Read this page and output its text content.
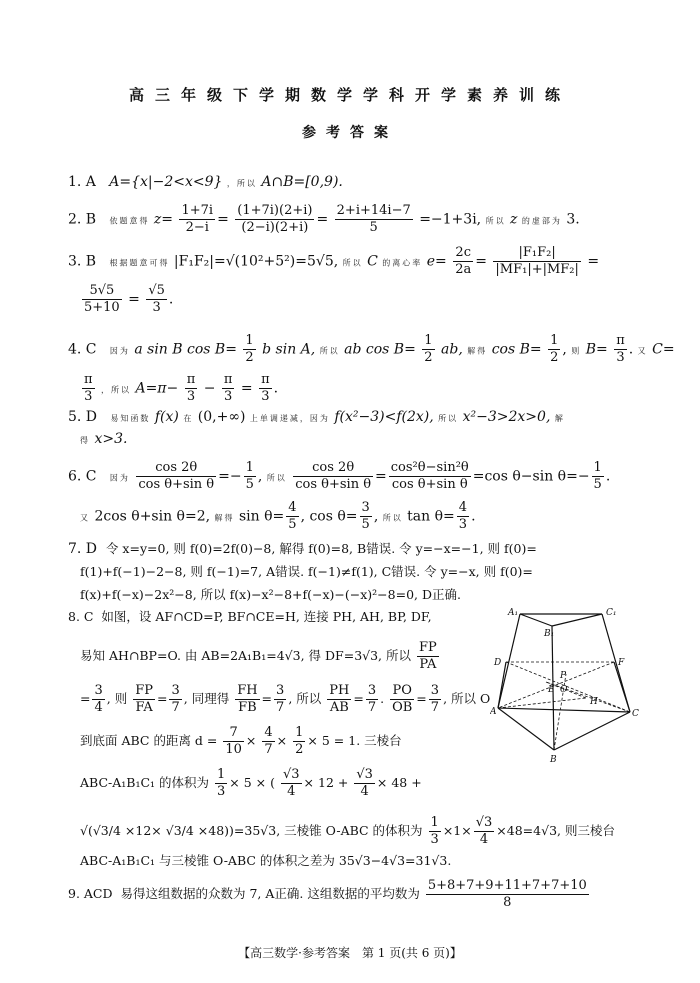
高三年级下学期数学学科开学素养训练
参考答案
1. A A={x|−2<x<9} ，所以 A∩B=[0,9).
2. B 依题意得 $z= \frac{1+7i}{2-i} = \frac{(1+7i)(2+i)}{(2-i)(2+i)} = \frac{2+i+14i-7}{5} =-1+3i$, 所以 z 的虚部为 3.
3. B 根据题意可得 |F₁F₂|=√(10²+5²)=5√5, 所以 C 的离心率 $e= \frac{2c}{2a} = \frac{\text{|F₁F₂|}}{\text{|MF₁|+|MF₂|}}$ =
$\frac{5√5}{5+10} = \frac{√5}{3}$ .
4. C 因为 a sin B $\cos B= \frac{1}{2}$ b sin A, 所以 ab $\cos B= \frac{1}{2}$ ab, 解得 $\cos B= \frac{1}{2}$ , 则 $B= \frac{\pi}{3}$ . 又 C=
$\frac{\pi}{3}$ ，所以 $A=\pi- \frac{\pi}{3} - \frac{\pi}{3} = \frac{\pi}{3}$ .
5. D 易知函数 f(x) 在 (0,+∞) 上单调递减，因为 f(x²−3)<f(2x), 所以 x²−3>2x>0, 解
得 x>3.
6. C 因为 $\frac{\cos 2\theta}{\text{cos θ+sin θ}} =- \frac{1}{5}$ , 所以 $\frac{\cos 2\theta}{\text{cos θ+sin θ}} = \frac{\text{cos²θ−sin²θ}}{\text{cos θ+sin θ}} =\cos$ θ−sin $\theta=- \frac{1}{5}$ .
又 2cos θ+sin θ=2, 解得 $\sin \theta= \frac{4}{5}$ , $\cos \theta= \frac{3}{5}$ , 所以 $\tan \theta= \frac{4}{3}$ .
7. D 令 x=y=0, 则 f(0)=2f(0)−8, 解得 f(0)=8, B错误. 令 y=−x=−1, 则 f(0)=
f(1)+f(−1)−2−8, 则 f(−1)=7, A错误. f(−1)≠f(1), C错误. 令 y=−x, 则 f(0)=
f(x)+f(−x)−2x²−8, 所以 f(x)−x²−8+f(−x)−(−x)²−8=0, D正确.
8. C 如图，设 AF∩CD=P, BF∩CE=H, 连接 PH, AH, BP, DF,
易知 AH∩BP=O. 由 AB=2A₁B₁=4√3, 得 DF=3√3, 所以 $\frac{FP}{PA}$
= $\frac{3}{4}$ , 则 $\frac{FP}{FA} = \frac{3}{7}$ , 同理得 $\frac{FH}{FB} = \frac{3}{7}$ , 所以 $\frac{PH}{AB} = \frac{3}{7}$ . $\frac{PO}{OB} = \frac{3}{7}$ , 所以 O
到底面 ABC 的距离 $d = \frac{7}{10} \times \frac{4}{7} \times \frac{1}{2} \times 5 = 1$. 三棱台
ABC-A₁B₁C₁ 的体积为 $\frac{1}{3} \times 5$ × ( $\frac{√3}{4} \times 12 + \frac{√3}{4} \times 48$ +
√(√3/4 ×12× √3/4 ×48))=35√3, 三棱锥 O-ABC 的体积为 $\frac{1}{3} \times 1\times \frac{√3}{4} \times 48=4√3$, 则三棱台
ABC-A₁B₁C₁ 与三棱锥 O-ABC 的体积之差为 35√3−4√3=31√3.
9. ACD 易得这组数据的众数为 7, A正确. 这组数据的平均数为 $\frac{5+8+7+9+11+7+7+10}{8}$
A₁	C₁
B₁
D	F
P
E O
H
A	C
B
【高三数学·参考答案　第 1 页(共 6 页)】
